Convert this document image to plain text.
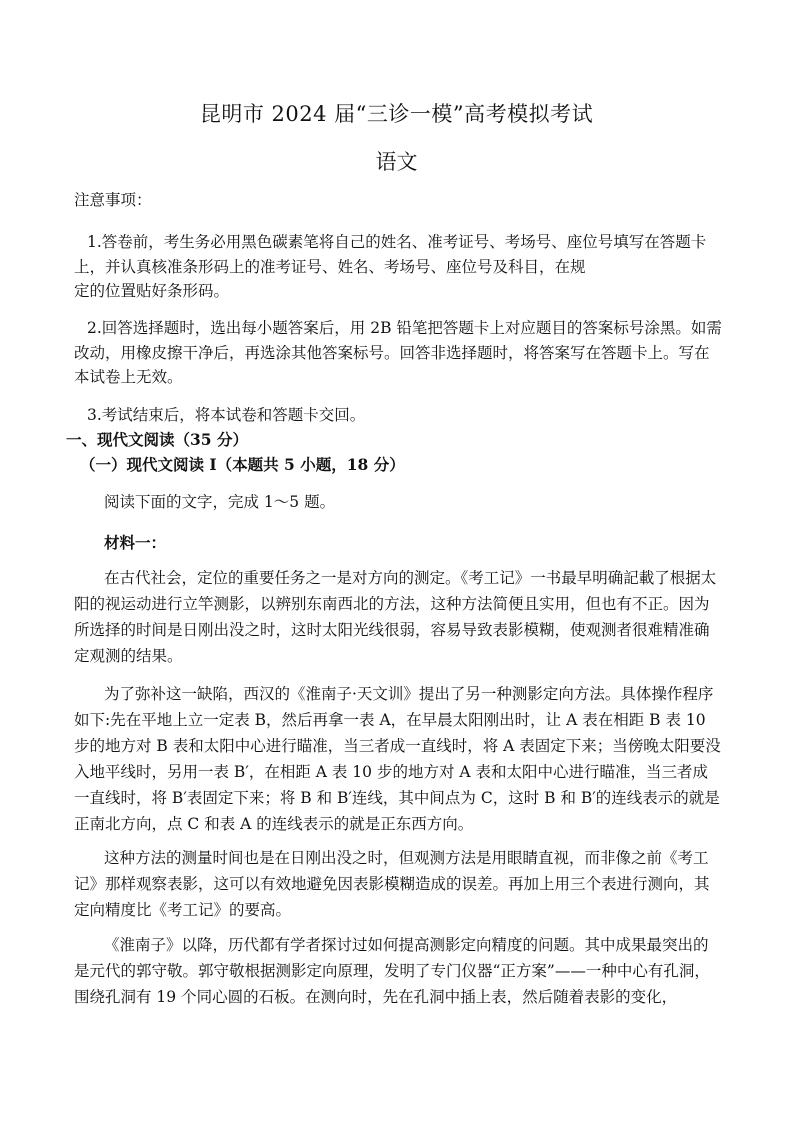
昆明市 2024 届“三诊一模”高考模拟考试
语文
注意事项：
1.答卷前，考生务必用黑色碳素笔将自己的姓名、准考证号、考场号、座位号填写在答题卡上，并认真核准条形码上的准考证号、姓名、考场号、座位号及科目，在规
定的位置贴好条形码。
2.回答选择题时，选出每小题答案后，用 2B 铅笔把答题卡上对应题目的答案标号涂黑。如需改动，用橡皮擦干净后，再选涂其他答案标号。回答非选择题时，将答案写在答题卡上。写在本试卷上无效。
3.考试结束后，将本试卷和答题卡交回。
一、现代文阅读（35 分）
（一）现代文阅读 I（本题共 5 小题，18 分）
阅读下面的文字，完成 1～5 题。
材料一：
在古代社会，定位的重要任务之一是对方向的测定。《考工记》一书最早明确記載了根据太阳的视运动进行立竿测影，以辨别东南西北的方法，这种方法简便且实用，但也有不正。因为所选择的时间是日刚出没之时，这时太阳光线很弱，容易导致表影模糊，使观测者很难精准确定观测的结果。
为了弥补这一缺陷，西汉的《淮南子·天文训》提出了另一种测影定向方法。具体操作程序如下:先在平地上立一定表 B，然后再拿一表 A，在早晨太阳刚出时，让 A 表在相距 B 表 10 步的地方对 B 表和太阳中心进行瞄准，当三者成一直线时，将 A 表固定下来；当傍晚太阳要没入地平线时，另用一表 B′，在相距 A 表 10 步的地方对 A 表和太阳中心进行瞄准，当三者成一直线时，将 B′表固定下来；将 B 和 B′连线，其中间点为 C，这时 B 和 B′的连线表示的就是正南北方向，点 C 和表 A 的连线表示的就是正东西方向。
这种方法的测量时间也是在日刚出没之时，但观测方法是用眼睛直视，而非像之前《考工记》那样观察表影，这可以有效地避免因表影模糊造成的误差。再加上用三个表进行测向，其定向精度比《考工记》的要高。
《淮南子》以降，历代都有学者探讨过如何提高测影定向精度的问题。其中成果最突出的是元代的郭守敬。郭守敬根据测影定向原理，发明了专门仪器“正方案”——一种中心有孔洞，围绕孔洞有 19 个同心圆的石板。在测向时，先在孔洞中插上表，然后随着表影的变化，
